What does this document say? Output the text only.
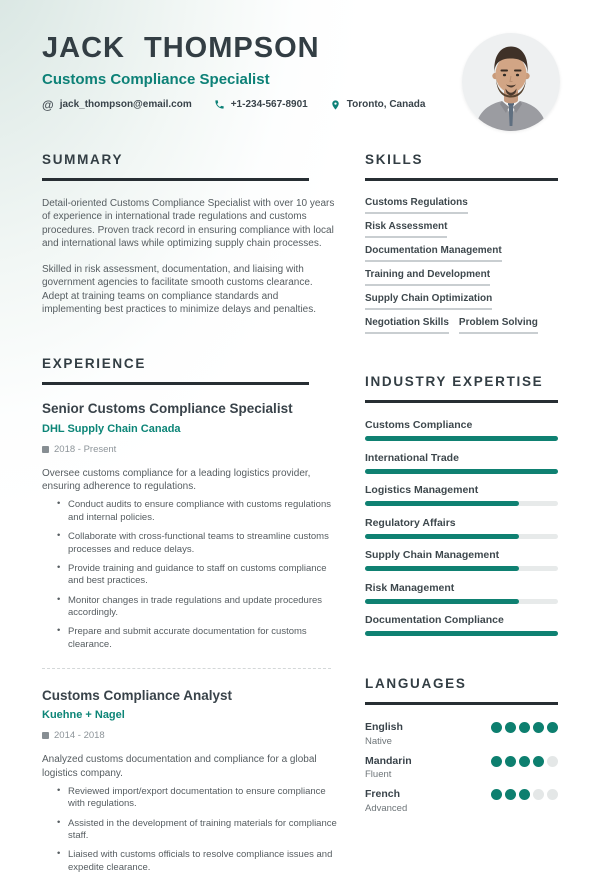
JACK THOMPSON
Customs Compliance Specialist
@ jack_thompson@email.com	+1-234-567-8901	Toronto, Canada
SUMMARY

Detail-oriented Customs Compliance Specialist with over 10 years of experience in international trade regulations and customs procedures. Proven track record in ensuring compliance with local and international laws while optimizing supply chain processes.

Skilled in risk assessment, documentation, and liaising with government agencies to facilitate smooth customs clearance. Adept at training teams on compliance standards and implementing best practices to minimize delays and penalties.

EXPERIENCE
Senior Customs Compliance Specialist
DHL Supply Chain Canada
2018 - Present

Oversee customs compliance for a leading logistics provider, ensuring adherence to regulations.

• Conduct audits to ensure compliance with customs regulations and internal policies.
• Collaborate with cross-functional teams to streamline customs processes and reduce delays.
• Provide training and guidance to staff on customs compliance and best practices.
• Monitor changes in trade regulations and update procedures accordingly.
• Prepare and submit accurate documentation for customs clearance.
Customs Compliance Analyst
Kuehne + Nagel
2014 - 2018

Analyzed customs documentation and compliance for a global logistics company.

• Reviewed import/export documentation to ensure compliance with regulations.
• Assisted in the development of training materials for compliance staff.
• Liaised with customs officials to resolve compliance issues and expedite clearance.
SKILLS
Customs Regulations
Risk Assessment
Documentation Management
Training and Development
Supply Chain Optimization
Negotiation Skills Problem Solving
INDUSTRY EXPERTISE
Customs Compliance
International Trade
Logistics Management
Regulatory Affairs
Supply Chain Management
Risk Management
Documentation Compliance
LANGUAGES
English
Native
Mandarin
Fluent
French
Advanced
